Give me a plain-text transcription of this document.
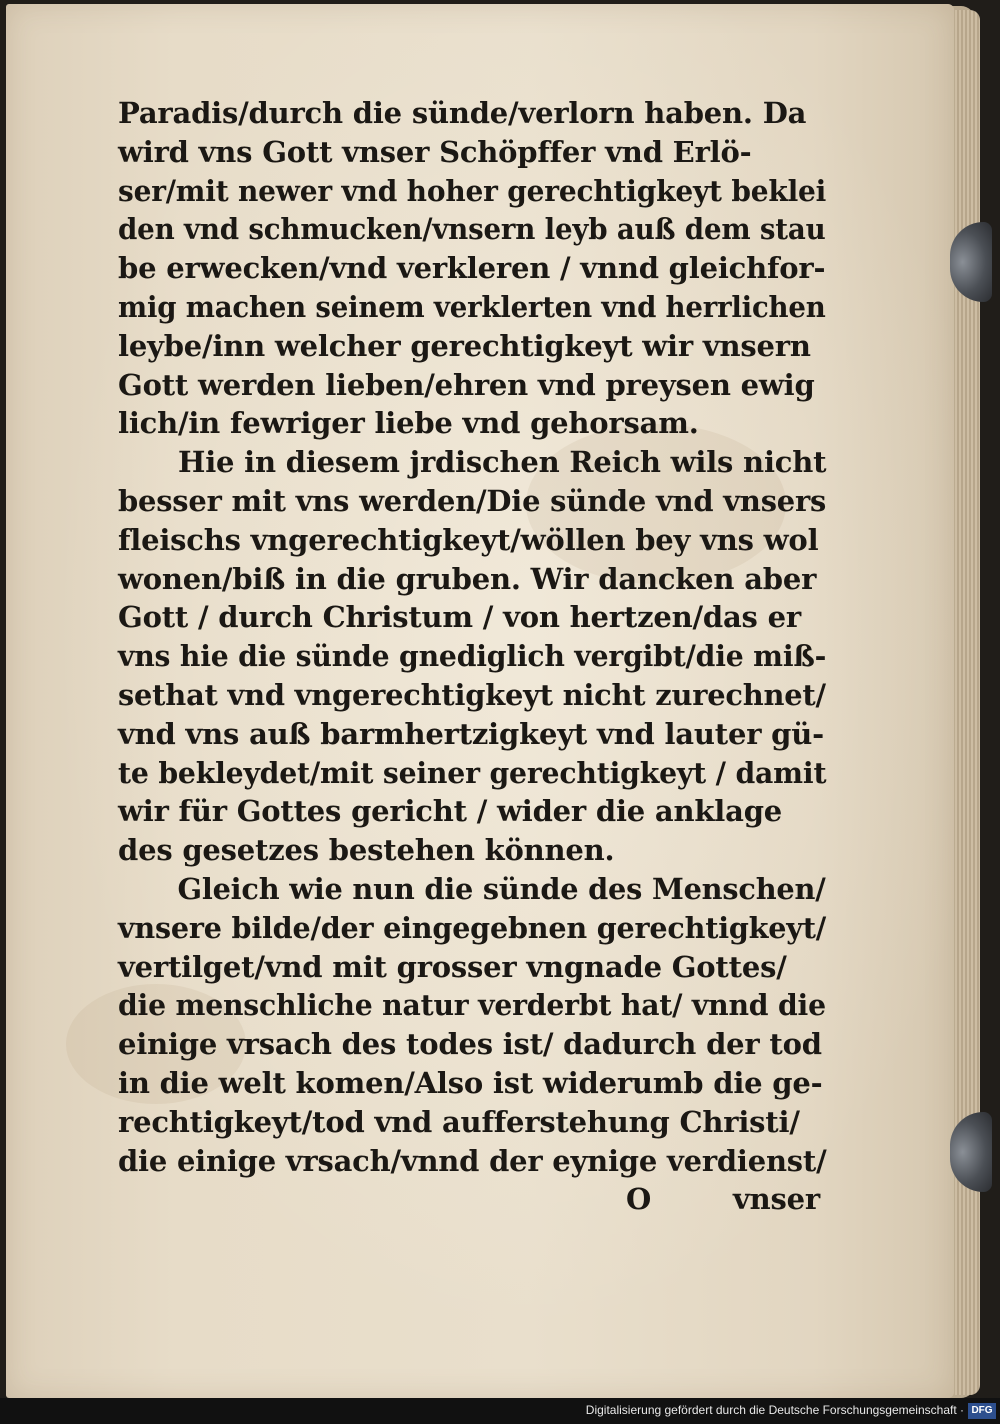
Paradis/durch die sünde/verlorn haben. Da
wird vns Gott vnser Schöpffer vnd Erlö-
ser/mit newer vnd hoher gerechtigkeyt beklei
den vnd schmucken/vnsern leyb auß dem stau
be erwecken/vnd verkleren / vnnd gleichfor-
mig machen seinem verklerten vnd herrlichen
leybe/inn welcher gerechtigkeyt wir vnsern
Gott werden lieben/ehren vnd preysen ewig
lich/in fewriger liebe vnd gehorsam.
Hie in diesem jrdischen Reich wils nicht
besser mit vns werden/Die sünde vnd vnsers
fleischs vngerechtigkeyt/wöllen bey vns wol
wonen/biß in die gruben. Wir dancken aber
Gott / durch Christum / von hertzen/das er
vns hie die sünde gnediglich vergibt/die miß-
sethat vnd vngerechtigkeyt nicht zurechnet/
vnd vns auß barmhertzigkeyt vnd lauter gü-
te bekleydet/mit seiner gerechtigkeyt / damit
wir für Gottes gericht / wider die anklage
des gesetzes bestehen können.
Gleich wie nun die sünde des Menschen/
vnsere bilde/der eingegebnen gerechtigkeyt/
vertilget/vnd mit grosser vngnade Gottes/
die menschliche natur verderbt hat/ vnnd die
einige vrsach des todes ist/ dadurch der tod
in die welt komen/Also ist widerumb die ge-
rechtigkeyt/tod vnd aufferstehung Christi/
die einige vrsach/vnnd der eynige verdienst/
O	vnser
Digitalisierung gefördert durch die Deutsche Forschungsgemeinschaft · DFG
